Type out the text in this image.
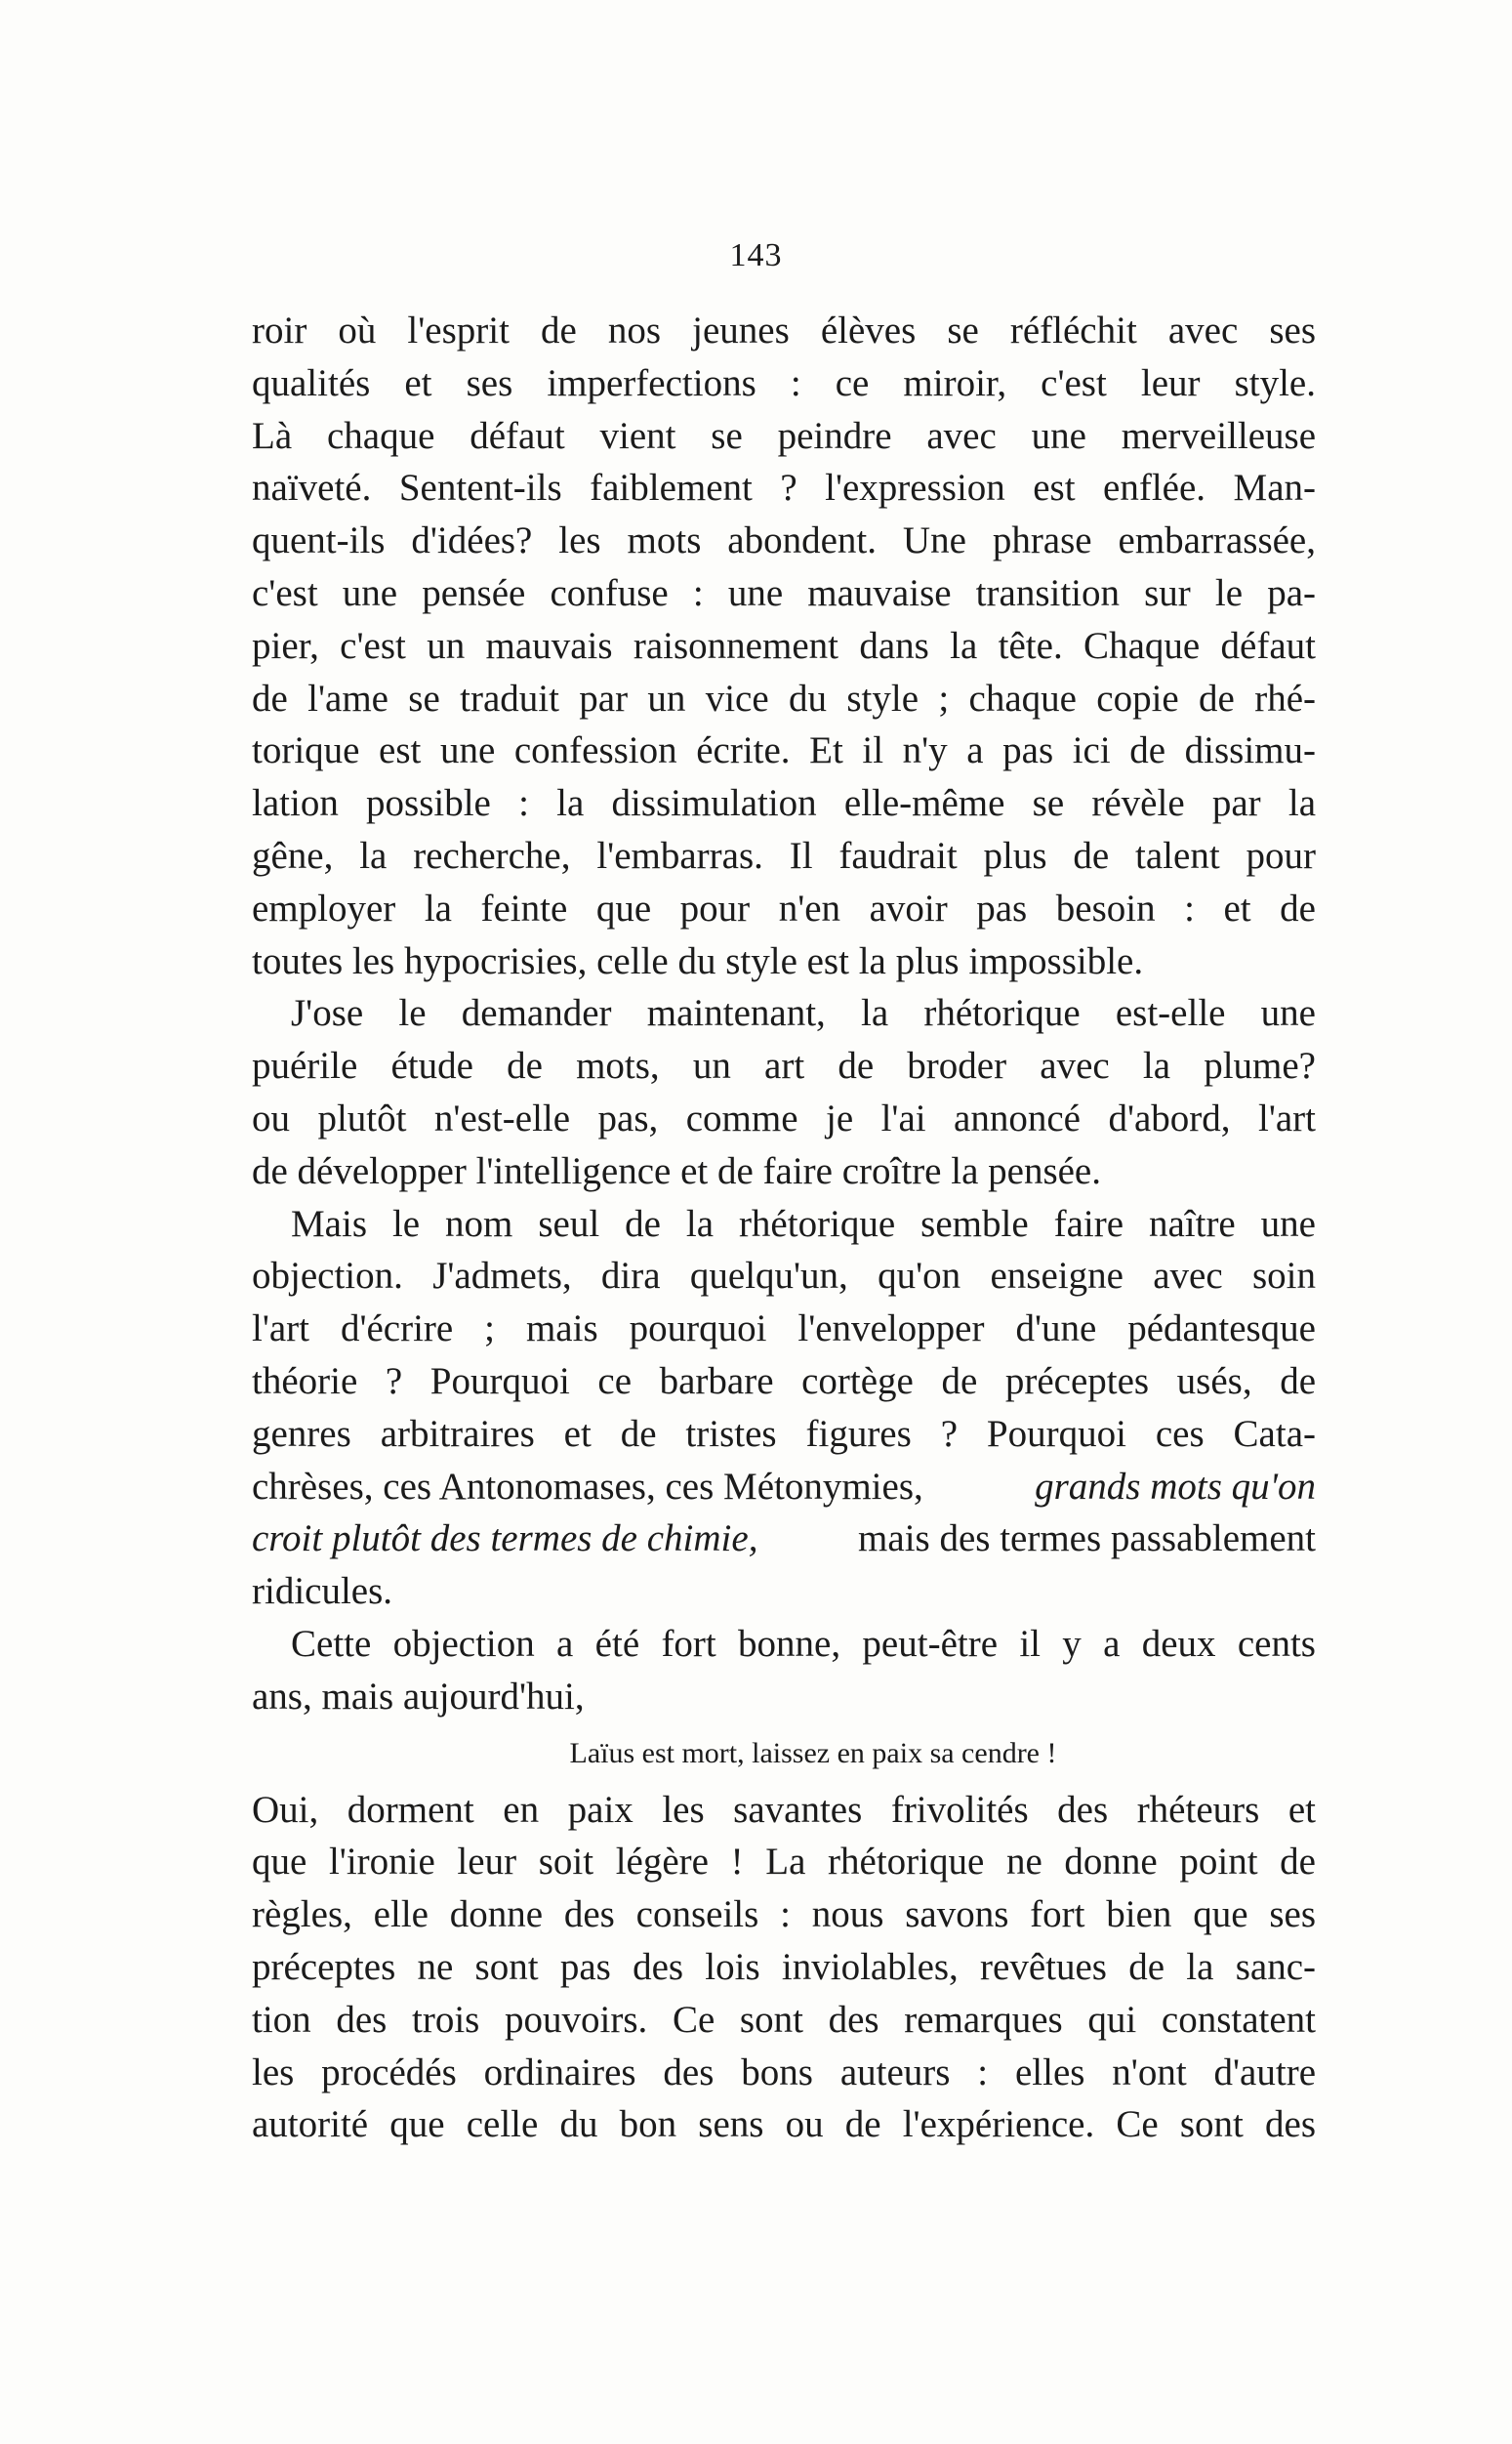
143
roir où l'esprit de nos jeunes élèves se réfléchit avec ses
qualités et ses imperfections : ce miroir, c'est leur style.
Là chaque défaut vient se peindre avec une merveilleuse
naïveté. Sentent-ils faiblement ? l'expression est enflée. Man-
quent-ils d'idées? les mots abondent. Une phrase embarrassée,
c'est une pensée confuse : une mauvaise transition sur le pa-
pier, c'est un mauvais raisonnement dans la tête. Chaque défaut
de l'ame se traduit par un vice du style ; chaque copie de rhé-
torique est une confession écrite. Et il n'y a pas ici de dissimu-
lation possible : la dissimulation elle-même se révèle par la
gêne, la recherche, l'embarras. Il faudrait plus de talent pour
employer la feinte que pour n'en avoir pas besoin : et de
toutes les hypocrisies, celle du style est la plus impossible.
J'ose le demander maintenant, la rhétorique est-elle une
puérile étude de mots, un art de broder avec la plume?
ou plutôt n'est-elle pas, comme je l'ai annoncé d'abord, l'art
de développer l'intelligence et de faire croître la pensée.
Mais le nom seul de la rhétorique semble faire naître une
objection. J'admets, dira quelqu'un, qu'on enseigne avec soin
l'art d'écrire ; mais pourquoi l'envelopper d'une pédantesque
théorie ? Pourquoi ce barbare cortège de préceptes usés, de
genres arbitraires et de tristes figures ? Pourquoi ces Cata-
chrèses, ces Antonomases, ces Métonymies,	grands mots qu'on
croit plutôt des termes de chimie,	mais des termes passablement
ridicules.
Cette objection a été fort bonne, peut-être il y a deux cents
ans, mais aujourd'hui,
Laïus est mort, laissez en paix sa cendre !
Oui, dorment en paix les savantes frivolités des rhéteurs et
que l'ironie leur soit légère ! La rhétorique ne donne point de
règles, elle donne des conseils : nous savons fort bien que ses
préceptes ne sont pas des lois inviolables, revêtues de la sanc-
tion des trois pouvoirs. Ce sont des remarques qui constatent
les procédés ordinaires des bons auteurs : elles n'ont d'autre
autorité que celle du bon sens ou de l'expérience. Ce sont des
